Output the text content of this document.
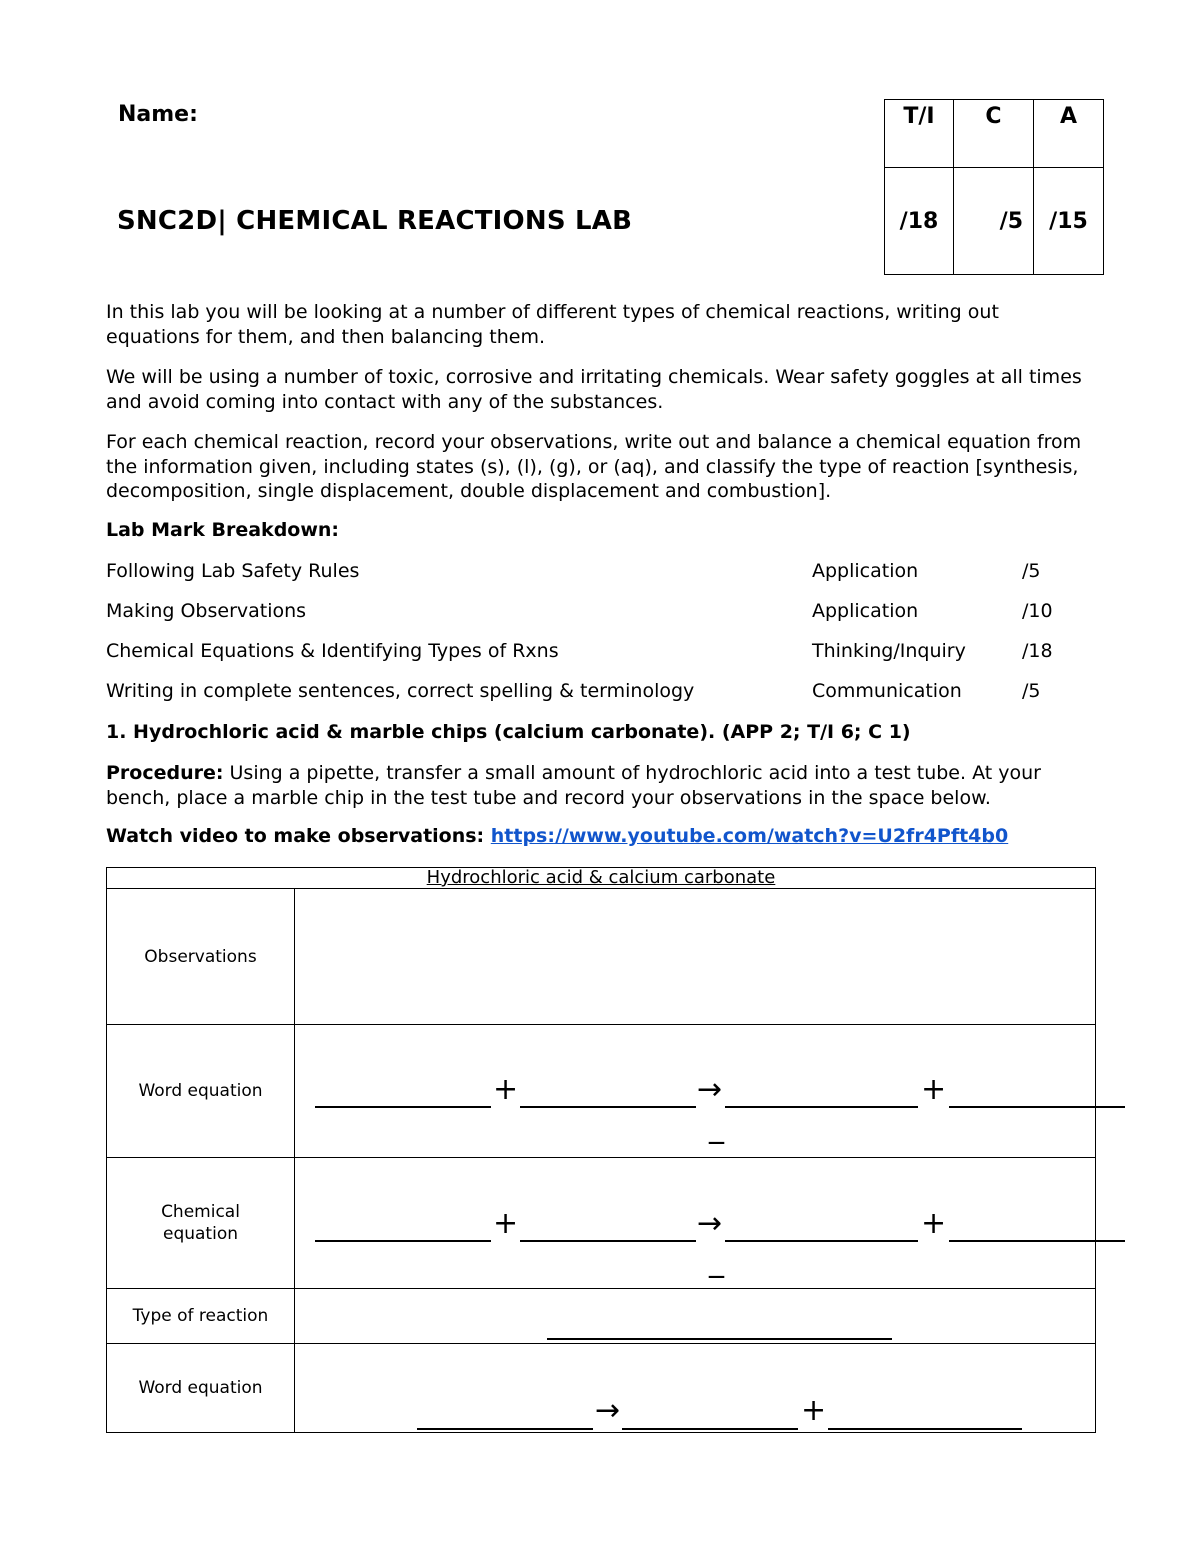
Name:
SNC2D| CHEMICAL REACTIONS LAB
T/I	C	A
/18	/5	/15
In this lab you will be looking at a number of different types of chemical reactions, writing out equations for them, and then balancing them.
We will be using a number of toxic, corrosive and irritating chemicals. Wear safety goggles at all times and avoid coming into contact with any of the substances.
For each chemical reaction, record your observations, write out and balance a chemical equation from the information given, including states (s), (l), (g), or (aq), and classify the type of reaction [synthesis, decomposition, single displacement, double displacement and combustion].
Lab Mark Breakdown:
Following Lab Safety Rules	Application	/5
Making Observations	Application	/10
Chemical Equations & Identifying Types of Rxns	Thinking/Inquiry	/18
Writing in complete sentences, correct spelling & terminology	Communication	/5
1. Hydrochloric acid & marble chips (calcium carbonate). (APP 2; T/I 6; C 1)
Procedure: Using a pipette, transfer a small amount of hydrochloric acid into a test tube. At your bench, place a marble chip in the test tube and record your observations in the space below.
Watch video to make observations: https://www.youtube.com/watch?v=U2fr4Pft4b0
Hydrochloric acid & calcium carbonate	
Observations	
Word equation	+ → +
_

Chemical equation	+ → +
_

Type of reaction	

Word equation	→ +
